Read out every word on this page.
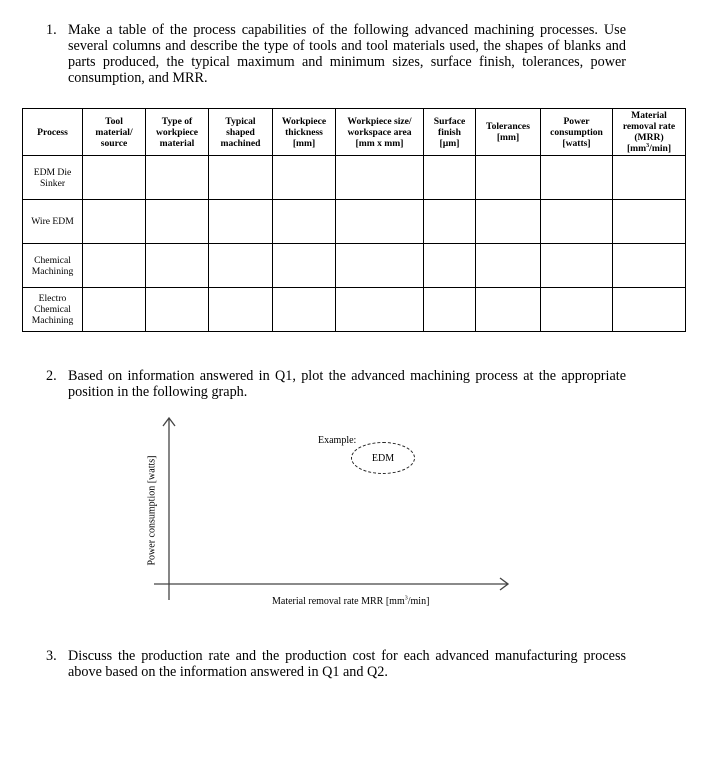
1. Make a table of the process capabilities of the following advanced machining processes. Use several columns and describe the type of tools and tool materials used, the shapes of blanks and parts produced, the typical maximum and minimum sizes, surface finish, tolerances, power consumption, and MRR.
Process	Tool
material/
source	Type of
workpiece
material	Typical
shaped
machined	Workpiece
thickness
[mm]	Workpiece size/
workspace area
[mm x mm]	Surface
finish
[µm]	Tolerances
[mm]	Power
consumption
[watts]	Material
removal rate
(MRR)
$[mm^3/\min]$
EDM Die Sinker									
Wire EDM									
Chemical Machining									
Electro Chemical Machining									
2. Based on information answered in Q1, plot the advanced machining process at the appropriate position in the following graph.
Power consumption [watts]
Material removal rate MRR $[mm^3/\min]$
Example:
EDM
3. Discuss the production rate and the production cost for each advanced manufacturing process above based on the information answered in Q1 and Q2.
